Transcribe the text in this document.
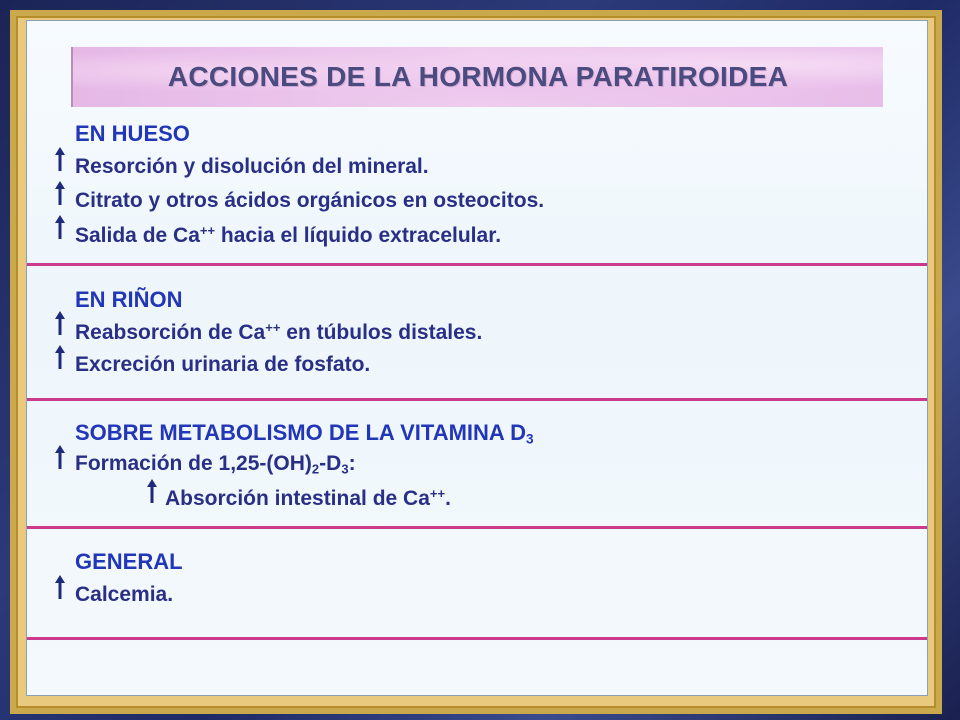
ACCIONES DE LA HORMONA PARATIROIDEA
EN HUESO
Resorción y disolución del mineral.
Citrato y otros ácidos orgánicos en osteocitos.
Salida de Ca++ hacia el líquido extracelular.
EN RIÑON
Reabsorción de Ca++ en túbulos distales.
Excreción urinaria de fosfato.
SOBRE METABOLISMO DE LA VITAMINA $D_3$
Formación de $1,25-(OH)_2-D_3$:
Absorción intestinal de Ca++.
GENERAL
Calcemia.
